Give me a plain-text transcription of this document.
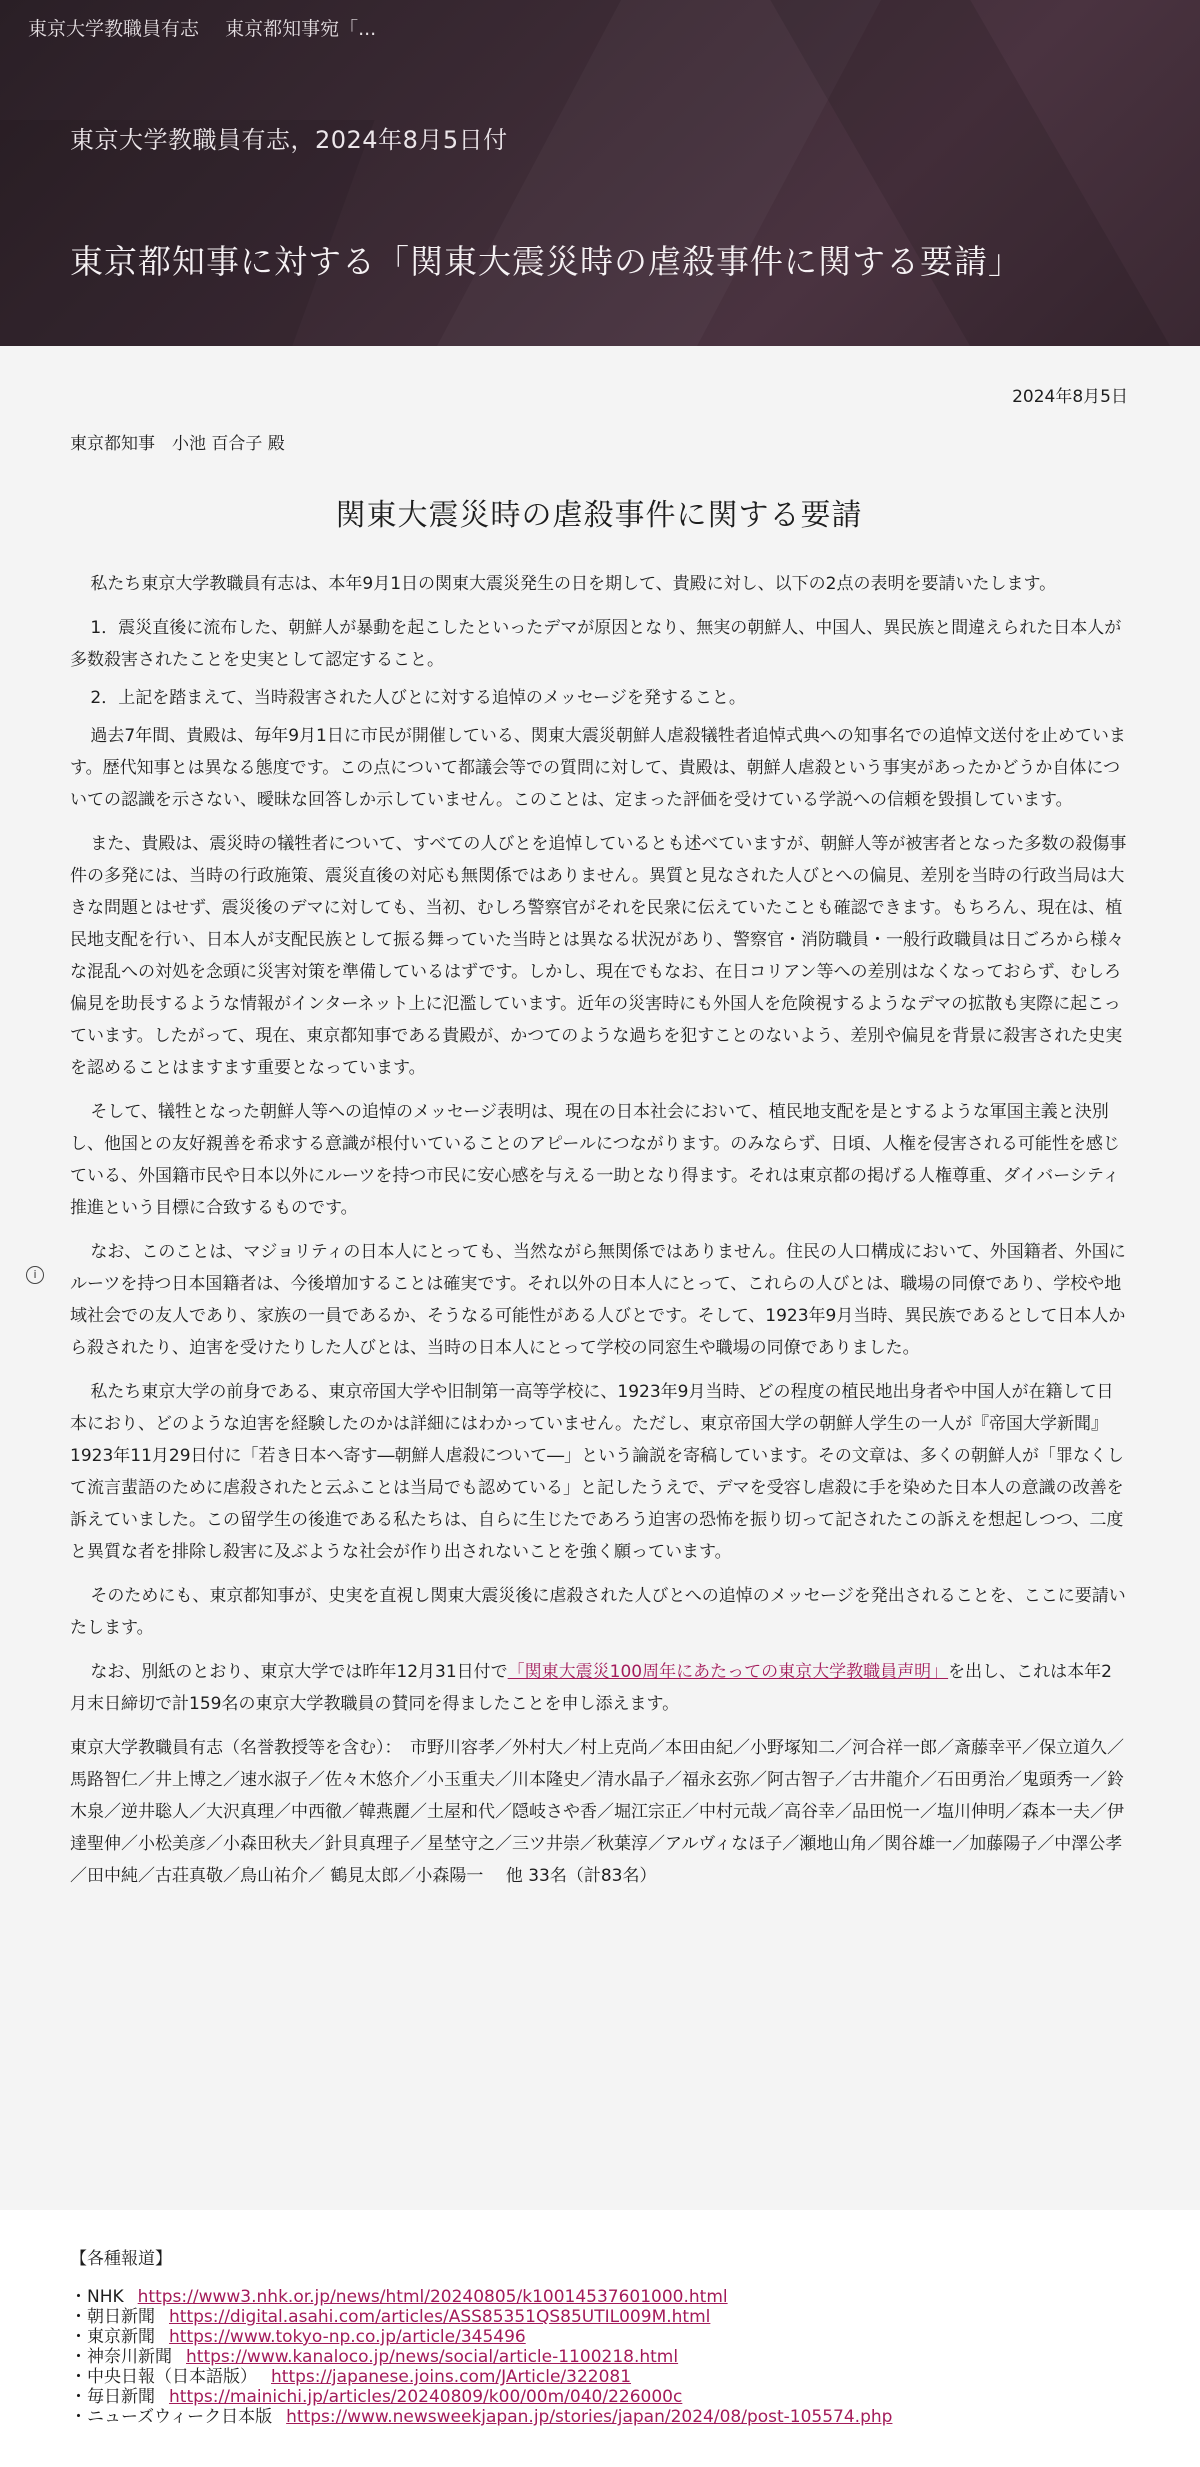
東京大学教職員有志 東京都知事宛「...
東京大学教職員有志，2024年8月5日付
東京都知事に対する「関東大震災時の虐殺事件に関する要請」
i
2024年8月5日
東京都知事　小池 百合子 殿
関東大震災時の虐殺事件に関する要請

私たち東京大学教職員有志は、本年9月1日の関東大震災発生の日を期して、貴殿に対し、以下の2点の表明を要請いたします。

1．震災直後に流布した、朝鮮人が暴動を起こしたといったデマが原因となり、無実の朝鮮人、中国人、異民族と間違えられた日本人が多数殺害されたことを史実として認定すること。

2．上記を踏まえて、当時殺害された人びとに対する追悼のメッセージを発すること。

過去7年間、貴殿は、毎年9月1日に市民が開催している、関東大震災朝鮮人虐殺犠牲者追悼式典への知事名での追悼文送付を止めています。歴代知事とは異なる態度です。この点について都議会等での質問に対して、貴殿は、朝鮮人虐殺という事実があったかどうか自体についての認識を示さない、曖昧な回答しか示していません。このことは、定まった評価を受けている学説への信頼を毀損しています。

また、貴殿は、震災時の犠牲者について、すべての人びとを追悼しているとも述べていますが、朝鮮人等が被害者となった多数の殺傷事件の多発には、当時の行政施策、震災直後の対応も無関係ではありません。異質と見なされた人びとへの偏見、差別を当時の行政当局は大きな問題とはせず、震災後のデマに対しても、当初、むしろ警察官がそれを民衆に伝えていたことも確認できます。もちろん、現在は、植民地支配を行い、日本人が支配民族として振る舞っていた当時とは異なる状況があり、警察官・消防職員・一般行政職員は日ごろから様々な混乱への対処を念頭に災害対策を準備しているはずです。しかし、現在でもなお、在日コリアン等への差別はなくなっておらず、むしろ偏見を助長するような情報がインターネット上に氾濫しています。近年の災害時にも外国人を危険視するようなデマの拡散も実際に起こっています。したがって、現在、東京都知事である貴殿が、かつてのような過ちを犯すことのないよう、差別や偏見を背景に殺害された史実を認めることはますます重要となっています。

そして、犠牲となった朝鮮人等への追悼のメッセージ表明は、現在の日本社会において、植民地支配を是とするような軍国主義と決別し、他国との友好親善を希求する意識が根付いていることのアピールにつながります。のみならず、日頃、人権を侵害される可能性を感じている、外国籍市民や日本以外にルーツを持つ市民に安心感を与える一助となり得ます。それは東京都の掲げる人権尊重、ダイバーシティ推進という目標に合致するものです。

なお、このことは、マジョリティの日本人にとっても、当然ながら無関係ではありません。住民の人口構成において、外国籍者、外国にルーツを持つ日本国籍者は、今後増加することは確実です。それ以外の日本人にとって、これらの人びとは、職場の同僚であり、学校や地域社会での友人であり、家族の一員であるか、そうなる可能性がある人びとです。そして、1923年9月当時、異民族であるとして日本人から殺されたり、迫害を受けたりした人びとは、当時の日本人にとって学校の同窓生や職場の同僚でありました。

私たち東京大学の前身である、東京帝国大学や旧制第一高等学校に、1923年9月当時、どの程度の植民地出身者や中国人が在籍して日本におり、どのような迫害を経験したのかは詳細にはわかっていません。ただし、東京帝国大学の朝鮮人学生の一人が『帝国大学新聞』1923年11月29日付に「若き日本へ寄す―朝鮮人虐殺について―」という論説を寄稿しています。その文章は、多くの朝鮮人が「罪なくして流言蜚語のために虐殺されたと云ふことは当局でも認めている」と記したうえで、デマを受容し虐殺に手を染めた日本人の意識の改善を訴えていました。この留学生の後進である私たちは、自らに生じたであろう迫害の恐怖を振り切って記されたこの訴えを想起しつつ、二度と異質な者を排除し殺害に及ぶような社会が作り出されないことを強く願っています。

そのためにも、東京都知事が、史実を直視し関東大震災後に虐殺された人びとへの追悼のメッセージを発出されることを、ここに要請いたします。

なお、別紙のとおり、東京大学では昨年12月31日付で「関東大震災100周年にあたっての東京大学教職員声明」を出し、これは本年2月末日締切で計159名の東京大学教職員の賛同を得ましたことを申し添えます。

東京大学教職員有志（名誉教授等を含む）：　市野川容孝／外村大／村上克尚／本田由紀／小野塚知二／河合祥一郎／斎藤幸平／保立道久／馬路智仁／井上博之／速水淑子／佐々木悠介／小玉重夫／川本隆史／清水晶子／福永玄弥／阿古智子／古井龍介／石田勇治／鬼頭秀一／鈴木泉／逆井聡人／大沢真理／中西徹／韓燕麗／土屋和代／隠岐さや香／堀江宗正／中村元哉／高谷幸／品田悦一／塩川伸明／森本一夫／伊達聖伸／小松美彦／小森田秋夫／針貝真理子／星埜守之／三ツ井崇／秋葉淳／アルヴィなほ子／瀬地山角／関谷雄一／加藤陽子／中澤公孝／田中純／古荘真敬／鳥山祐介／ 鶴見太郎／小森陽一　 他 33名（計83名）

【各種報道】
・NHK https://www3.nhk.or.jp/news/html/20240805/k10014537601000.html
・朝日新聞 https://digital.asahi.com/articles/ASS85351QS85UTIL009M.html
・東京新聞 https://www.tokyo-np.co.jp/article/345496
・神奈川新聞 https://www.kanaloco.jp/news/social/article-1100218.html
・中央日報（日本語版） https://japanese.joins.com/JArticle/322081
・毎日新聞 https://mainichi.jp/articles/20240809/k00/00m/040/226000c
・ニューズウィーク日本版 https://www.newsweekjapan.jp/stories/japan/2024/08/post-105574.php
